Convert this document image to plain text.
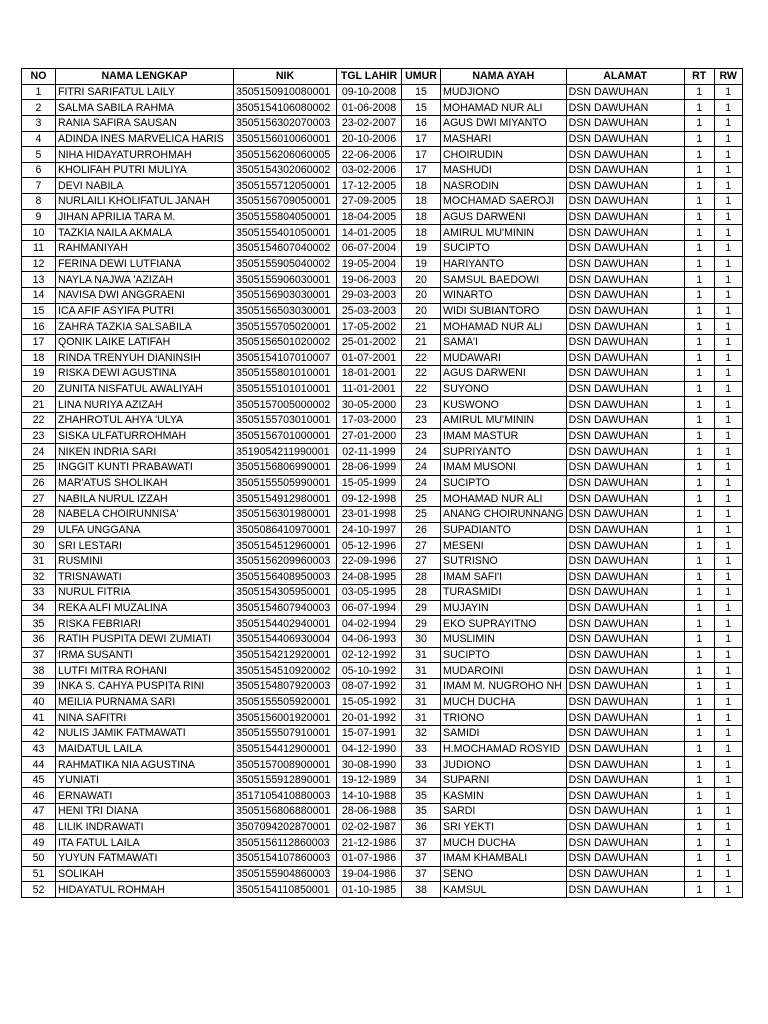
NO	NAMA LENGKAP	NIK	TGL LAHIR	UMUR	NAMA AYAH	ALAMAT	RT	RW
1	FITRI SARIFATUL LAILY	3505150910080001	09-10-2008	15	MUDJIONO	DSN DAWUHAN	1	1
2	SALMA SABILA RAHMA	3505154106080002	01-06-2008	15	MOHAMAD NUR ALI	DSN DAWUHAN	1	1
3	RANIA SAFIRA SAUSAN	3505156302070003	23-02-2007	16	AGUS DWI MIYANTO	DSN DAWUHAN	1	1
4	ADINDA INES MARVELICA HARIS	3505156010060001	20-10-2006	17	MASHARI	DSN DAWUHAN	1	1
5	NIHA HIDAYATURROHMAH	3505156206060005	22-06-2006	17	CHOIRUDIN	DSN DAWUHAN	1	1
6	KHOLIFAH PUTRI MULIYA	3505154302060002	03-02-2006	17	MASHUDI	DSN DAWUHAN	1	1
7	DEVI NABILA	3505155712050001	17-12-2005	18	NASRODIN	DSN DAWUHAN	1	1
8	NURLAILI KHOLIFATUL JANAH	3505156709050001	27-09-2005	18	MOCHAMAD SAEROJI	DSN DAWUHAN	1	1
9	JIHAN APRILIA TARA M.	3505155804050001	18-04-2005	18	AGUS DARWENI	DSN DAWUHAN	1	1
10	TAZKIA NAILA AKMALA	3505155401050001	14-01-2005	18	AMIRUL MU'MININ	DSN DAWUHAN	1	1
11	RAHMANIYAH	3505154607040002	06-07-2004	19	SUCIPTO	DSN DAWUHAN	1	1
12	FERINA DEWI LUTFIANA	3505155905040002	19-05-2004	19	HARIYANTO	DSN DAWUHAN	1	1
13	NAYLA NAJWA 'AZIZAH	3505155906030001	19-06-2003	20	SAMSUL BAEDOWI	DSN DAWUHAN	1	1
14	NAVISA DWI ANGGRAENI	3505156903030001	29-03-2003	20	WINARTO	DSN DAWUHAN	1	1
15	ICA AFIF ASYIFA PUTRI	3505156503030001	25-03-2003	20	WIDI SUBIANTORO	DSN DAWUHAN	1	1
16	ZAHRA TAZKIA SALSABILA	3505155705020001	17-05-2002	21	MOHAMAD NUR ALI	DSN DAWUHAN	1	1
17	QONIK LAIKE LATIFAH	3505156501020002	25-01-2002	21	SAMA'I	DSN DAWUHAN	1	1
18	RINDA TRENYUH DIANINSIH	3505154107010007	01-07-2001	22	MUDAWARI	DSN DAWUHAN	1	1
19	RISKA DEWI AGUSTINA	3505155801010001	18-01-2001	22	AGUS DARWENI	DSN DAWUHAN	1	1
20	ZUNITA NISFATUL AWALIYAH	3505155101010001	11-01-2001	22	SUYONO	DSN DAWUHAN	1	1
21	LINA NURIYA AZIZAH	3505157005000002	30-05-2000	23	KUSWONO	DSN DAWUHAN	1	1
22	ZHAHROTUL AHYA 'ULYA	3505155703010001	17-03-2000	23	AMIRUL MU'MININ	DSN DAWUHAN	1	1
23	SISKA ULFATURROHMAH	3505156701000001	27-01-2000	23	IMAM MASTUR	DSN DAWUHAN	1	1
24	NIKEN INDRIA SARI	3519054211990001	02-11-1999	24	SUPRIYANTO	DSN DAWUHAN	1	1
25	INGGIT KUNTI PRABAWATI	3505156806990001	28-06-1999	24	IMAM MUSONI	DSN DAWUHAN	1	1
26	MAR'ATUS SHOLIKAH	3505155505990001	15-05-1999	24	SUCIPTO	DSN DAWUHAN	1	1
27	NABILA NURUL IZZAH	3505154912980001	09-12-1998	25	MOHAMAD NUR ALI	DSN DAWUHAN	1	1
28	NABELA CHOIRUNNISA'	3505156301980001	23-01-1998	25	ANANG CHOIRUNNANG	DSN DAWUHAN	1	1
29	ULFA UNGGANA	3505086410970001	24-10-1997	26	SUPADIANTO	DSN DAWUHAN	1	1
30	SRI LESTARI	3505154512960001	05-12-1996	27	MESENI	DSN DAWUHAN	1	1
31	RUSMINI	3505156209960003	22-09-1996	27	SUTRISNO	DSN DAWUHAN	1	1
32	TRISNAWATI	3505156408950003	24-08-1995	28	IMAM SAFI'I	DSN DAWUHAN	1	1
33	NURUL FITRIA	3505154305950001	03-05-1995	28	TURASMIDI	DSN DAWUHAN	1	1
34	REKA ALFI MUZALINA	3505154607940003	06-07-1994	29	MUJAYIN	DSN DAWUHAN	1	1
35	RISKA FEBRIARI	3505154402940001	04-02-1994	29	EKO SUPRAYITNO	DSN DAWUHAN	1	1
36	RATIH PUSPITA DEWI ZUMIATI	3505154406930004	04-06-1993	30	MUSLIMIN	DSN DAWUHAN	1	1
37	IRMA SUSANTI	3505154212920001	02-12-1992	31	SUCIPTO	DSN DAWUHAN	1	1
38	LUTFI MITRA ROHANI	3505154510920002	05-10-1992	31	MUDAROINI	DSN DAWUHAN	1	1
39	INKA S. CAHYA PUSPITA RINI	3505154807920003	08-07-1992	31	IMAM M. NUGROHO NH	DSN DAWUHAN	1	1
40	MEILIA PURNAMA SARI	3505155505920001	15-05-1992	31	MUCH DUCHA	DSN DAWUHAN	1	1
41	NINA SAFITRI	3505156001920001	20-01-1992	31	TRIONO	DSN DAWUHAN	1	1
42	NULIS JAMIK FATMAWATI	3505155507910001	15-07-1991	32	SAMIDI	DSN DAWUHAN	1	1
43	MAIDATUL LAILA	3505154412900001	04-12-1990	33	H.MOCHAMAD ROSYID	DSN DAWUHAN	1	1
44	RAHMATIKA NIA AGUSTINA	3505157008900001	30-08-1990	33	JUDIONO	DSN DAWUHAN	1	1
45	YUNIATI	3505155912890001	19-12-1989	34	SUPARNI	DSN DAWUHAN	1	1
46	ERNAWATI	3517105410880003	14-10-1988	35	KASMIN	DSN DAWUHAN	1	1
47	HENI TRI DIANA	3505156806880001	28-06-1988	35	SARDI	DSN DAWUHAN	1	1
48	LILIK INDRAWATI	3507094202870001	02-02-1987	36	SRI YEKTI	DSN DAWUHAN	1	1
49	ITA FATUL LAILA	3505156112860003	21-12-1986	37	MUCH DUCHA	DSN DAWUHAN	1	1
50	YUYUN FATMAWATI	3505154107860003	01-07-1986	37	IMAM KHAMBALI	DSN DAWUHAN	1	1
51	SOLIKAH	3505155904860003	19-04-1986	37	SENO	DSN DAWUHAN	1	1
52	HIDAYATUL ROHMAH	3505154110850001	01-10-1985	38	KAMSUL	DSN DAWUHAN	1	1
